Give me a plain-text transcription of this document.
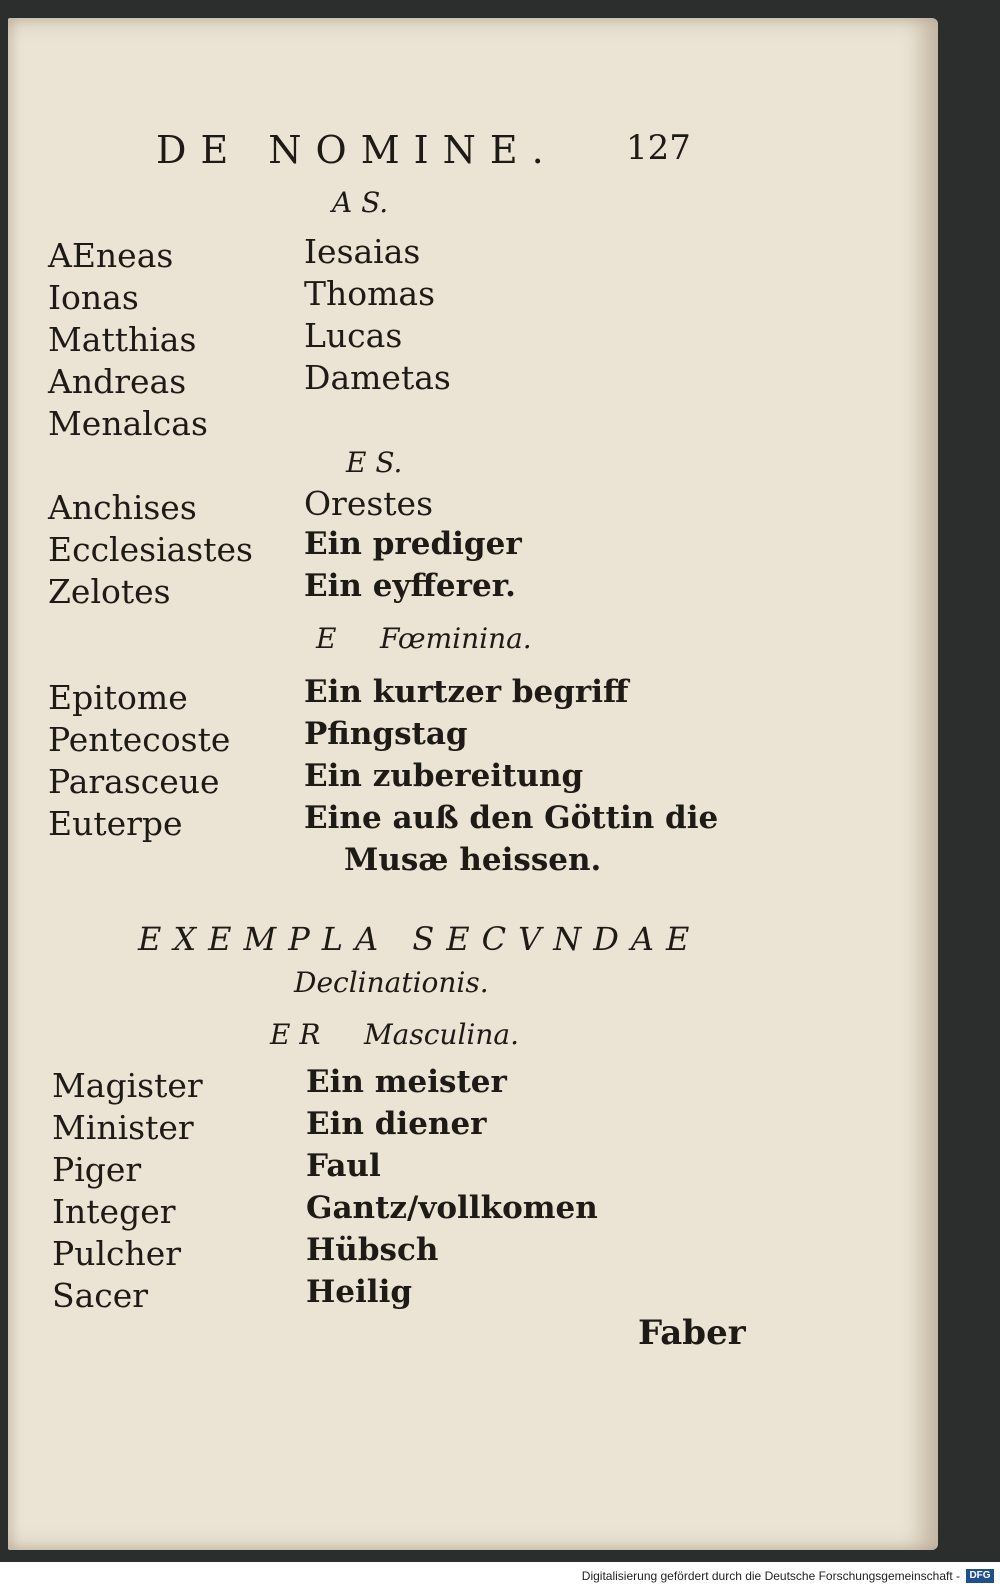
DE NOMINE. 127
A S.
AEneas
Ionas
Matthias
Andreas
Menalcas
Iesaias
Thomas
Lucas
Dametas
E S.
Anchises
Ecclesiastes
Zelotes
Orestes
Ein prediger
Ein eyfferer.
E Fœminina.
Epitome
Pentecoste
Parasceue
Euterpe
Ein kurtzer begriff
Pfingstag
Ein zubereitung
Eine auß den Göttin die
Musæ heissen.
EXEMPLA SECVNDAE
Declinationis.
E R Masculina.
Magister
Minister
Piger
Integer
Pulcher
Sacer
Ein meister
Ein diener
Faul
Gantz/vollkomen
Hübsch
Heilig
Faber
Digitalisierung gefördert durch die Deutsche Forschungsgemeinschaft - DFG
